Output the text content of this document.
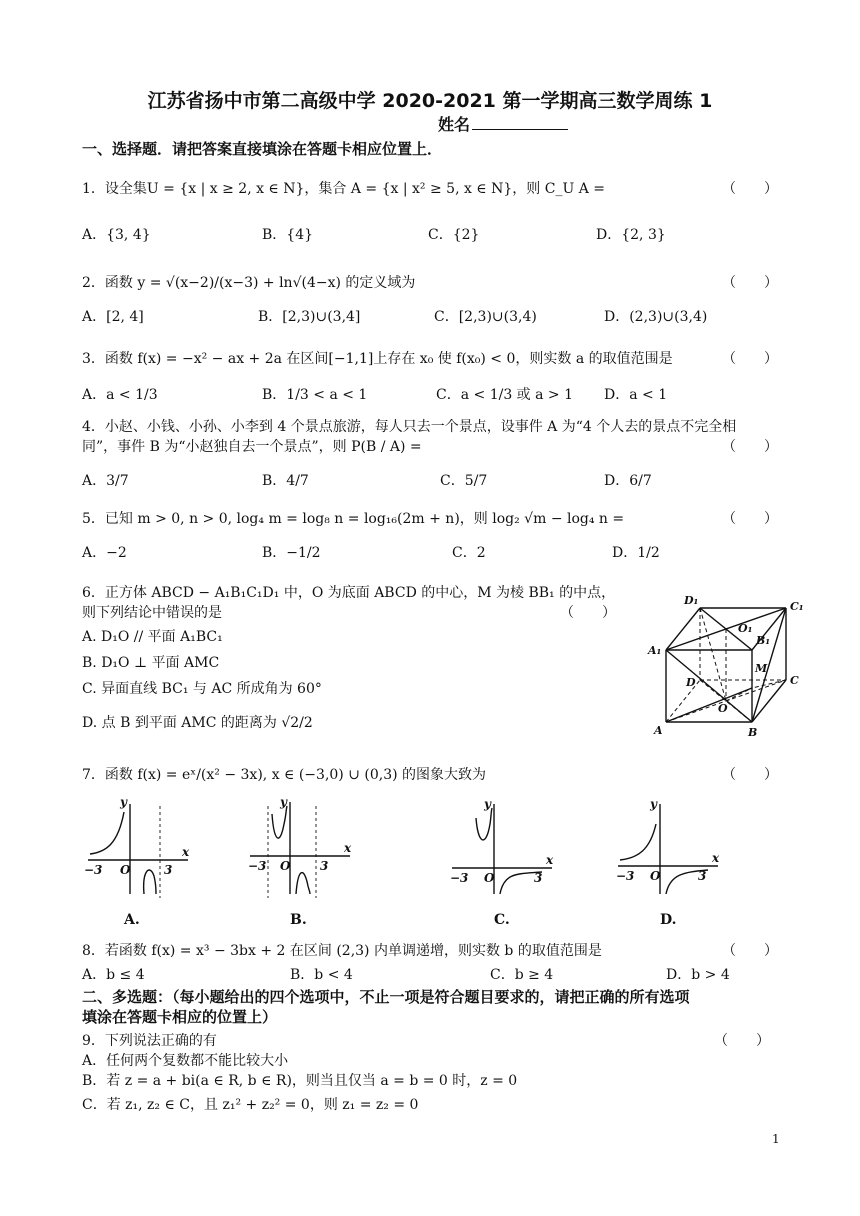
江苏省扬中市第二高级中学 2020-2021 第一学期高三数学周练 1
姓名
一、选择题．请把答案直接填涂在答题卡相应位置上．
1．设全集U = {x | x ≥ 2, x ∈ N}，集合 A = {x | x² ≥ 5, x ∈ N}，则 C_U A =	（　　）
A．{3, 4}	B．{4}	C．{2}	D．{2, 3}
2．函数 y = √(x−2)/(x−3) + ln√(4−x) 的定义域为	（　　）
A．[2, 4]	B．[2,3)∪(3,4]	C．[2,3)∪(3,4)	D．(2,3)∪(3,4)
3．函数 f(x) = −x² − ax + 2a 在区间[−1,1]上存在 x₀ 使 f(x₀) < 0，则实数 a 的取值范围是	（　　）
A．a < 1/3	B．1/3 < a < 1	C．a < 1/3 或 a > 1 D．a < 1
4．小赵、小钱、小孙、小李到 4 个景点旅游，每人只去一个景点，设事件 A 为“4 个人去的景点不完全相
同”，事件 B 为“小赵独自去一个景点”，则 P(B / A) =	（　　）
A．3/7	B．4/7	C．5/7	D．6/7
5．已知 m > 0, n > 0, log₄ m = log₈ n = log₁₆(2m + n)，则 log₂ √m − log₄ n =	（　　）
A．−2	B．−1/2	C．2	D．1/2
6．正方体 ABCD − A₁B₁C₁D₁ 中，O 为底面 ABCD 的中心，M 为棱 BB₁ 的中点，
则下列结论中错误的是	（　　）
A. D₁O // 平面 A₁BC₁
B. D₁O ⊥ 平面 AMC
C. 异面直线 BC₁ 与 AC 所成角为 60°
D. 点 B 到平面 AMC 的距离为 √2/2
D₁	C₁
O₁
B₁
A₁
M
D	C
O
A	B
7．函数 f(x) = eˣ/(x² − 3x), x ∈ (−3,0) ∪ (0,3) 的图象大致为	（　　）
y
x
O
−3	3
A.
y
x
O
−3	3
B.
y
x
O
−3	3
C.
y
x
O
−3	3
D.
8．若函数 f(x) = x³ − 3bx + 2 在区间 (2,3) 内单调递增，则实数 b 的取值范围是	（　　）
A．b ≤ 4	B．b < 4	C．b ≥ 4	D．b > 4
二、多选题：（每小题给出的四个选项中，不止一项是符合题目要求的，请把正确的所有选项
填涂在答题卡相应的位置上）
9．下列说法正确的有	（　　）
A．任何两个复数都不能比较大小
B．若 z = a + bi(a ∈ R, b ∈ R)，则当且仅当 a = b = 0 时，z = 0
C．若 z₁, z₂ ∈ C，且 z₁² + z₂² = 0，则 z₁ = z₂ = 0
1
